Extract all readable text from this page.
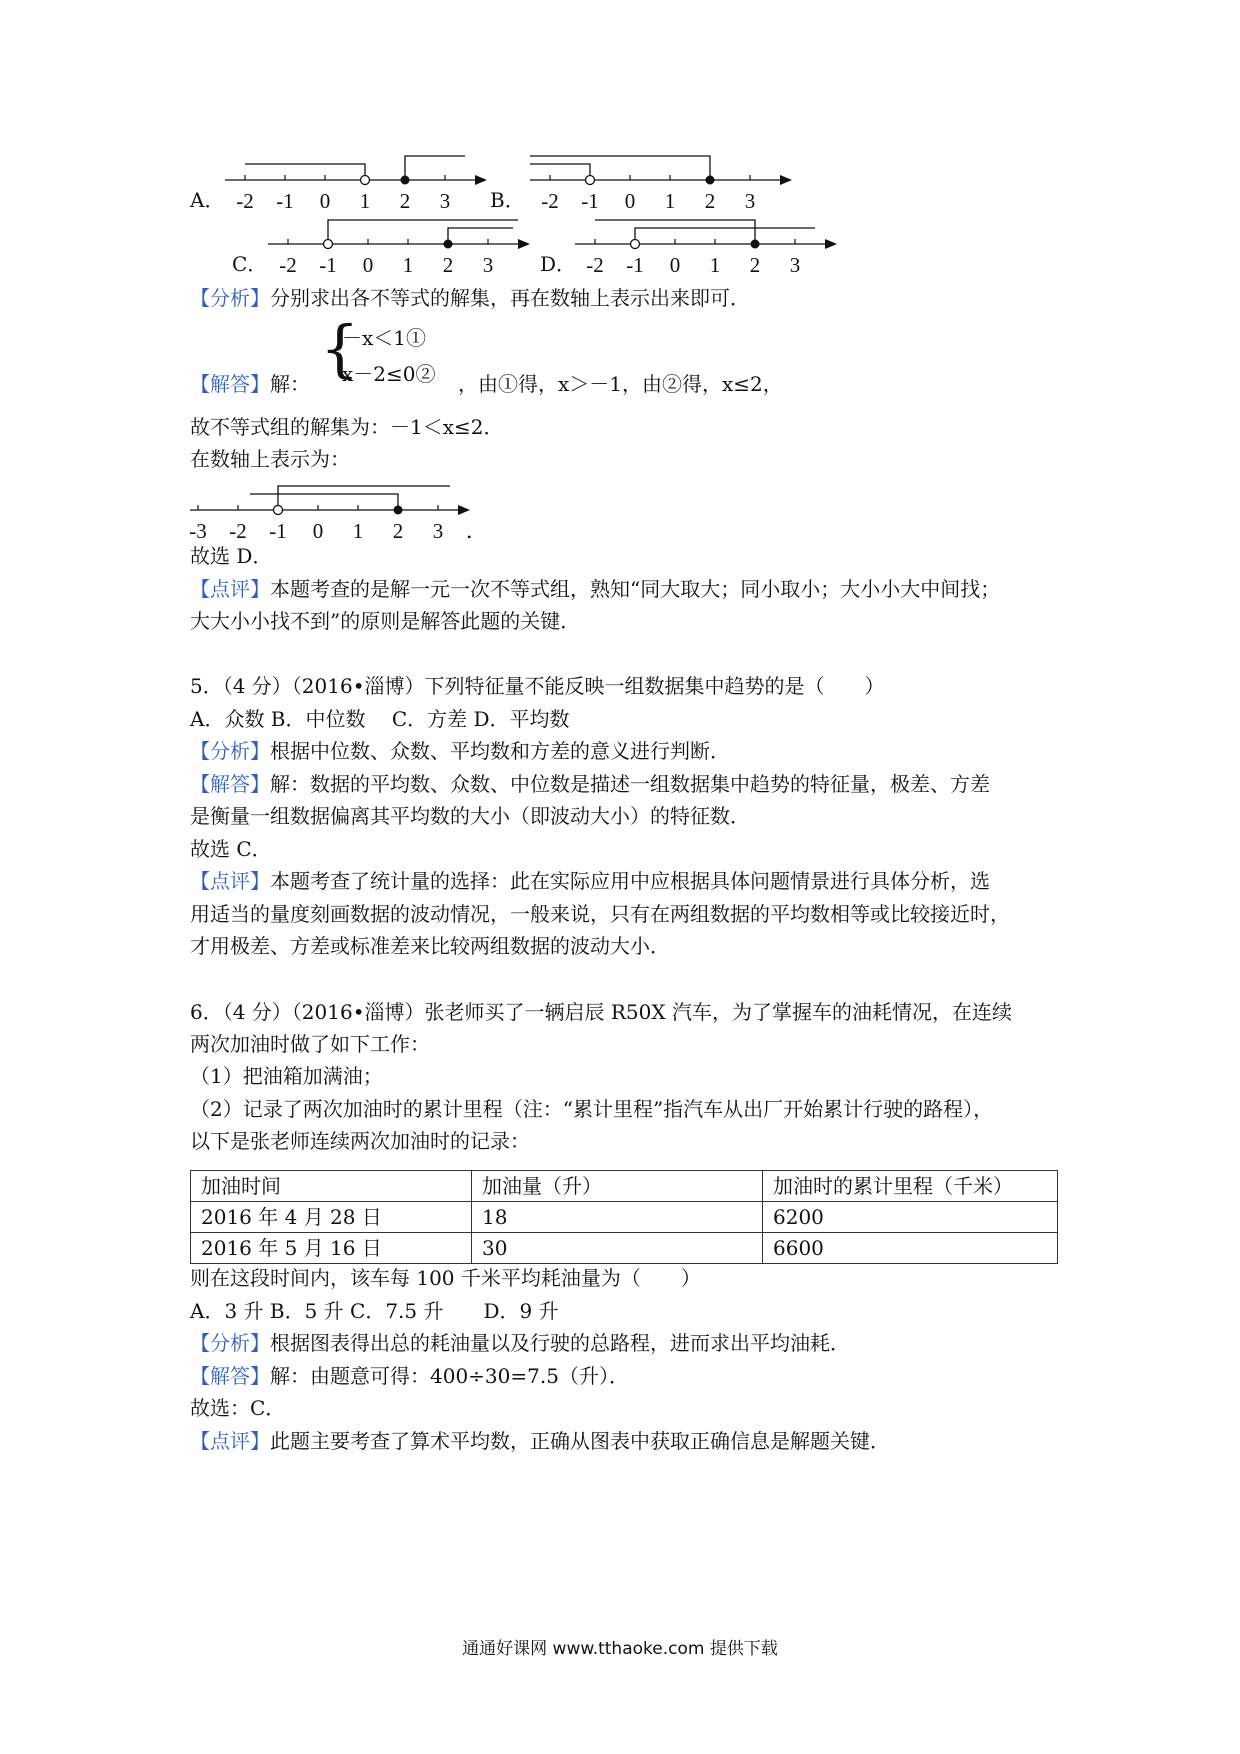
A． -2 -1 0 1 2 3 B． -2 -1 0 1 2 3
C． -2 -1 0 1 2 3 D． -2 -1 0 1 2 3
【分析】分别求出各不等式的解集，再在数轴上表示出来即可．
{
－x＜1①
x－2≤0②
【解答】解：	，由①得，x＞－1，由②得，x≤2，
故不等式组的解集为：－1＜x≤2．
在数轴上表示为：
-3 -2 -1 0 1 2 3 ．
故选 D．
【点评】本题考查的是解一元一次不等式组，熟知“同大取大；同小取小；大小小大中间找；
大大小小找不到”的原则是解答此题的关键．
5．（4 分）（2016•淄博）下列特征量不能反映一组数据集中趋势的是（　　）
A．众数 B．中位数　 C．方差 D．平均数
【分析】根据中位数、众数、平均数和方差的意义进行判断．
【解答】解：数据的平均数、众数、中位数是描述一组数据集中趋势的特征量，极差、方差
是衡量一组数据偏离其平均数的大小（即波动大小）的特征数．
故选 C．
【点评】本题考查了统计量的选择：此在实际应用中应根据具体问题情景进行具体分析，选
用适当的量度刻画数据的波动情况，一般来说，只有在两组数据的平均数相等或比较接近时，
才用极差、方差或标准差来比较两组数据的波动大小．
6．（4 分）（2016•淄博）张老师买了一辆启辰 R50X 汽车，为了掌握车的油耗情况，在连续
两次加油时做了如下工作：
（1）把油箱加满油；
（2）记录了两次加油时的累计里程（注：“累计里程”指汽车从出厂开始累计行驶的路程），
以下是张老师连续两次加油时的记录：
加油时间	加油量（升）	加油时的累计里程（千米）
2016 年 4 月 28 日	18	6200
2016 年 5 月 16 日	30	6600
则在这段时间内，该车每 100 千米平均耗油量为（　　）
A．3 升 B．5 升 C．7.5 升　　D．9 升
【分析】根据图表得出总的耗油量以及行驶的总路程，进而求出平均油耗．
【解答】解：由题意可得：400÷30=7.5（升）．
故选：C．
【点评】此题主要考查了算术平均数，正确从图表中获取正确信息是解题关键．
通通好课网 www.tthaoke.com 提供下载
